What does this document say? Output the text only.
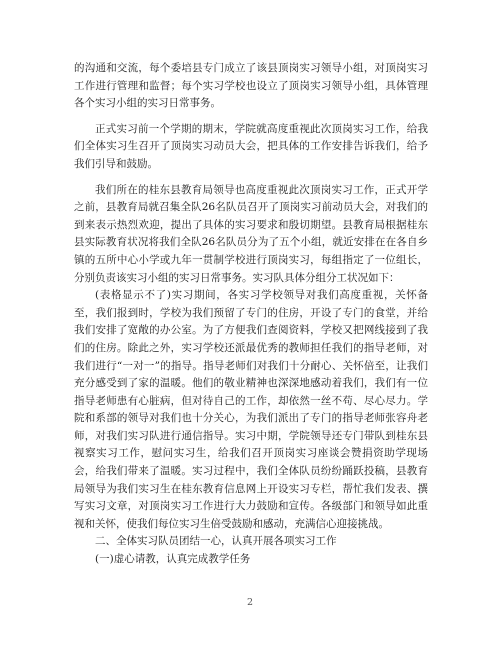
的沟通和交流，每个委培县专门成立了该县顶岗实习领导小组，对顶岗实习工作进行管理和监督；每个实习学校也设立了顶岗实习领导小组，具体管理各个实习小组的实习日常事务。

正式实习前一个学期的期末，学院就高度重视此次顶岗实习工作，给我们全体实习生召开了顶岗实习动员大会，把具体的工作安排告诉我们，给予我们引导和鼓励。

我们所在的桂东县教育局领导也高度重视此次顶岗实习工作，正式开学之前，县教育局就召集全队26名队员召开了顶岗实习前动员大会，对我们的到来表示热烈欢迎，提出了具体的实习要求和殷切期望。县教育局根据桂东县实际教育状况将我们全队26名队员分为了五个小组，就近安排在在各自乡镇的五所中心小学或九年一贯制学校进行顶岗实习，每组指定了一位组长，分别负责该实习小组的实习日常事务。实习队具体分组分工状况如下：

(表格显示不了)实习期间，各实习学校领导对我们高度重视，关怀备至，我们报到时，学校为我们预留了专门的住房，开设了专门的食堂，并给我们安排了宽敞的办公室。为了方便我们查阅资料，学校又把网线接到了我们的住房。除此之外，实习学校还派最优秀的教师担任我们的指导老师，对我们进行“一对一”的指导。指导老师们对我们十分耐心、关怀倍至，让我们充分感受到了家的温暖。他们的敬业精神也深深地感动着我们，我们有一位指导老师患有心脏病，但对待自己的工作，却依然一丝不苟、尽心尽力。学院和系部的领导对我们也十分关心，为我们派出了专门的指导老师张容舟老师，对我们实习队进行通信指导。实习中期，学院领导还专门带队到桂东县视察实习工作，慰问实习生，给我们召开顶岗实习座谈会赞捐资助学现场会，给我们带来了温暖。实习过程中，我们全体队员纷纷踊跃投稿，县教育局领导为我们实习生在桂东教育信息网上开设实习专栏，帮忙我们发表、撰写实习文章，对顶岗实习工作进行大力鼓励和宣传。各级部门和领导如此重视和关怀，使我们每位实习生倍受鼓励和感动，充满信心迎接挑战。

二、全体实习队员团结一心，认真开展各项实习工作

(一)虚心请教，认真完成教学任务

2
